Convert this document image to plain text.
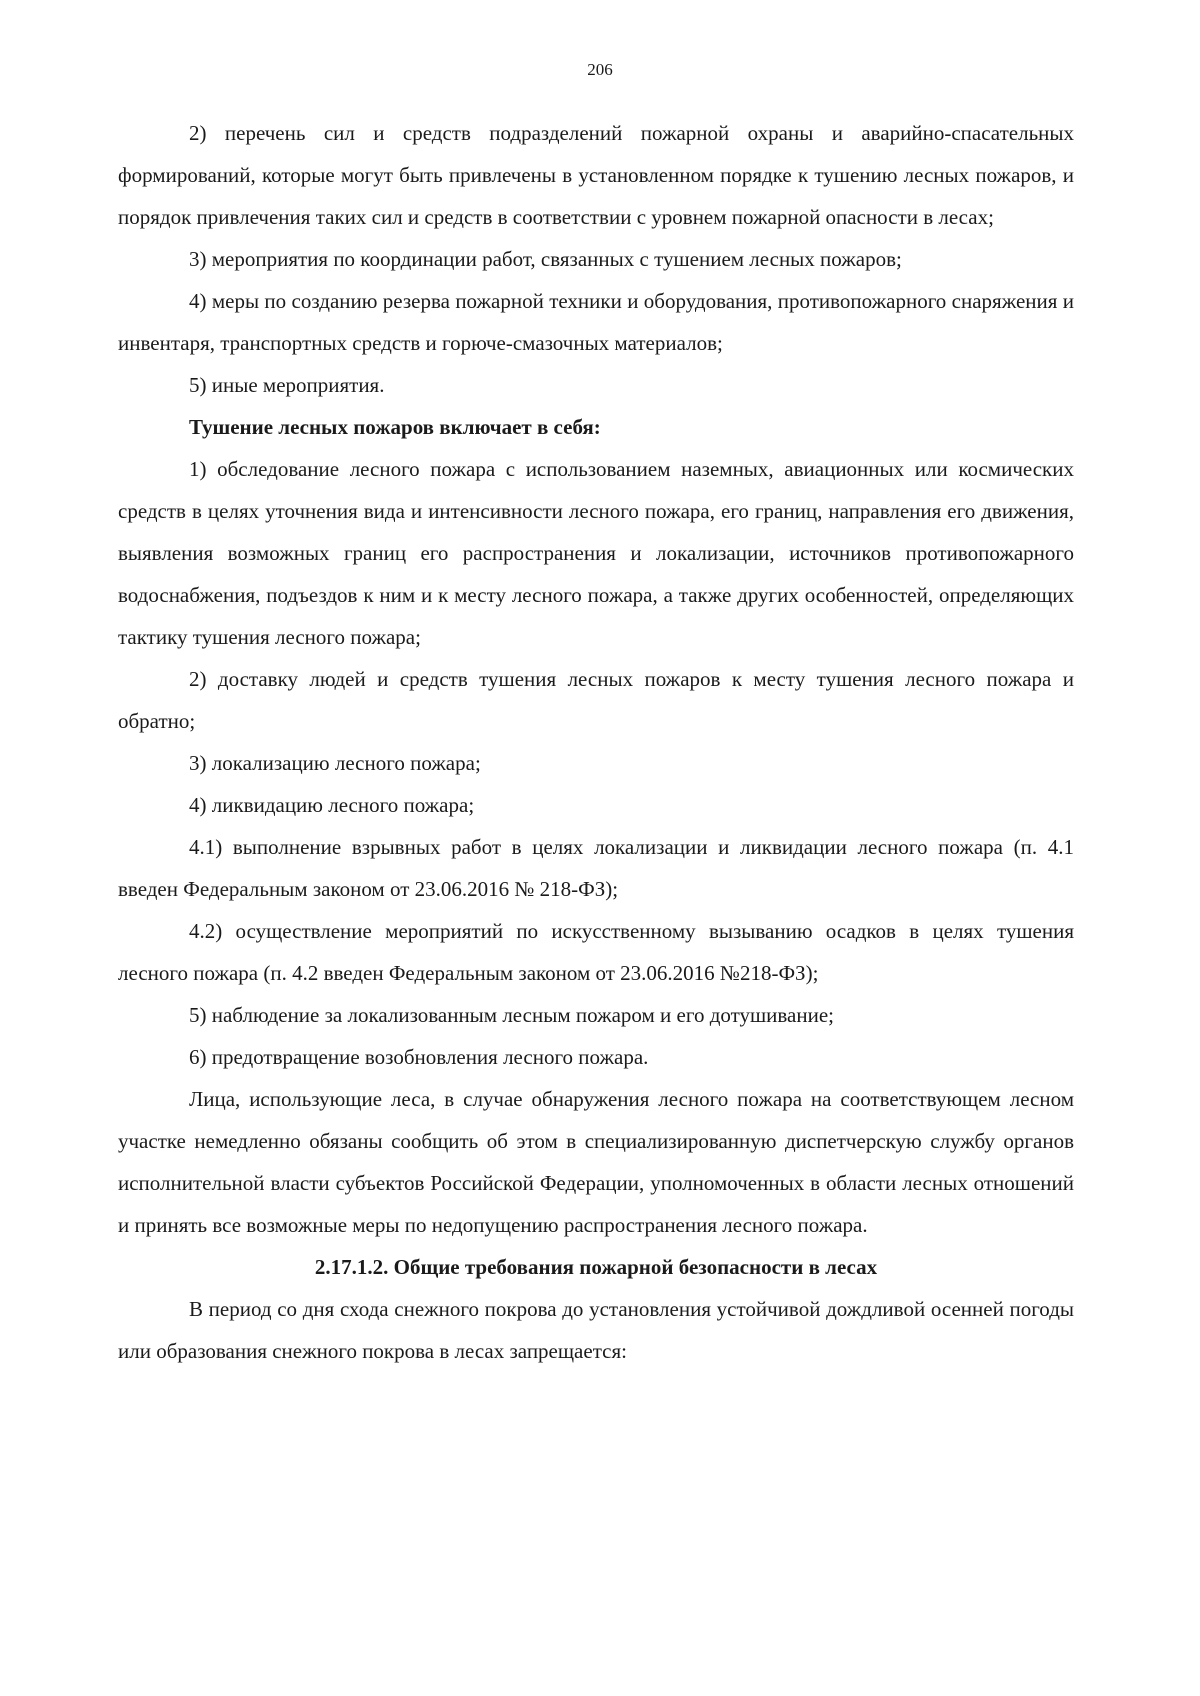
206

2) перечень сил и средств подразделений пожарной охраны и аварийно-спасательных формирований, которые могут быть привлечены в установленном порядке к тушению лесных пожаров, и порядок привлечения таких сил и средств в соответствии с уровнем пожарной опасности в лесах;

3) мероприятия по координации работ, связанных с тушением лесных пожаров;

4) меры по созданию резерва пожарной техники и оборудования, противопожарного снаряжения и инвентаря, транспортных средств и горюче-смазочных материалов;

5) иные мероприятия.

Тушение лесных пожаров включает в себя:

1) обследование лесного пожара с использованием наземных, авиационных или космических средств в целях уточнения вида и интенсивности лесного пожара, его границ, направления его движения, выявления возможных границ его распространения и локализации, источников противопожарного водоснабжения, подъездов к ним и к месту лесного пожара, а также других особенностей, определяющих тактику тушения лесного пожара;

2) доставку людей и средств тушения лесных пожаров к месту тушения лесного пожара и обратно;

3) локализацию лесного пожара;

4) ликвидацию лесного пожара;

4.1) выполнение взрывных работ в целях локализации и ликвидации лесного пожара (п. 4.1 введен Федеральным законом от 23.06.2016 № 218-ФЗ);

4.2) осуществление мероприятий по искусственному вызыванию осадков в целях тушения лесного пожара (п. 4.2 введен Федеральным законом от 23.06.2016 №218-ФЗ);

5) наблюдение за локализованным лесным пожаром и его дотушивание;

6) предотвращение возобновления лесного пожара.

Лица, использующие леса, в случае обнаружения лесного пожара на соответствующем лесном участке немедленно обязаны сообщить об этом в специализированную диспетчерскую службу органов исполнительной власти субъектов Российской Федерации, уполномоченных в области лесных отношений и принять все возможные меры по недопущению распространения лесного пожара.

2.17.1.2. Общие требования пожарной безопасности в лесах

В период со дня схода снежного покрова до установления устойчивой дождливой осенней погоды или образования снежного покрова в лесах запрещается:
